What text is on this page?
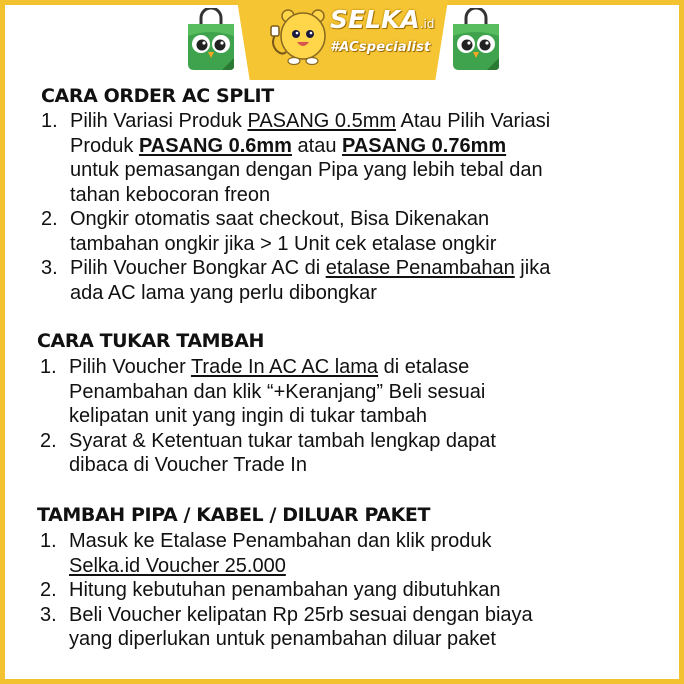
SELKA.id
#ACspecialist
CARA ORDER AC SPLIT
1. Pilih Variasi Produk PASANG 0.5mm Atau Pilih Variasi
Produk PASANG 0.6mm atau PASANG 0.76mm
untuk pemasangan dengan Pipa yang lebih tebal dan
tahan kebocoran freon
2. Ongkir otomatis saat checkout, Bisa Dikenakan
tambahan ongkir jika > 1 Unit cek etalase ongkir
3. Pilih Voucher Bongkar AC di etalase Penambahan jika
ada AC lama yang perlu dibongkar
CARA TUKAR TAMBAH
1. Pilih Voucher Trade In AC AC lama di etalase
Penambahan dan klik “+Keranjang” Beli sesuai
kelipatan unit yang ingin di tukar tambah
2. Syarat & Ketentuan tukar tambah lengkap dapat
dibaca di Voucher Trade In
TAMBAH PIPA / KABEL / DILUAR PAKET
1. Masuk ke Etalase Penambahan dan klik produk
Selka.id Voucher 25.000
2. Hitung kebutuhan penambahan yang dibutuhkan
3. Beli Voucher kelipatan Rp 25rb sesuai dengan biaya
yang diperlukan untuk penambahan diluar paket
